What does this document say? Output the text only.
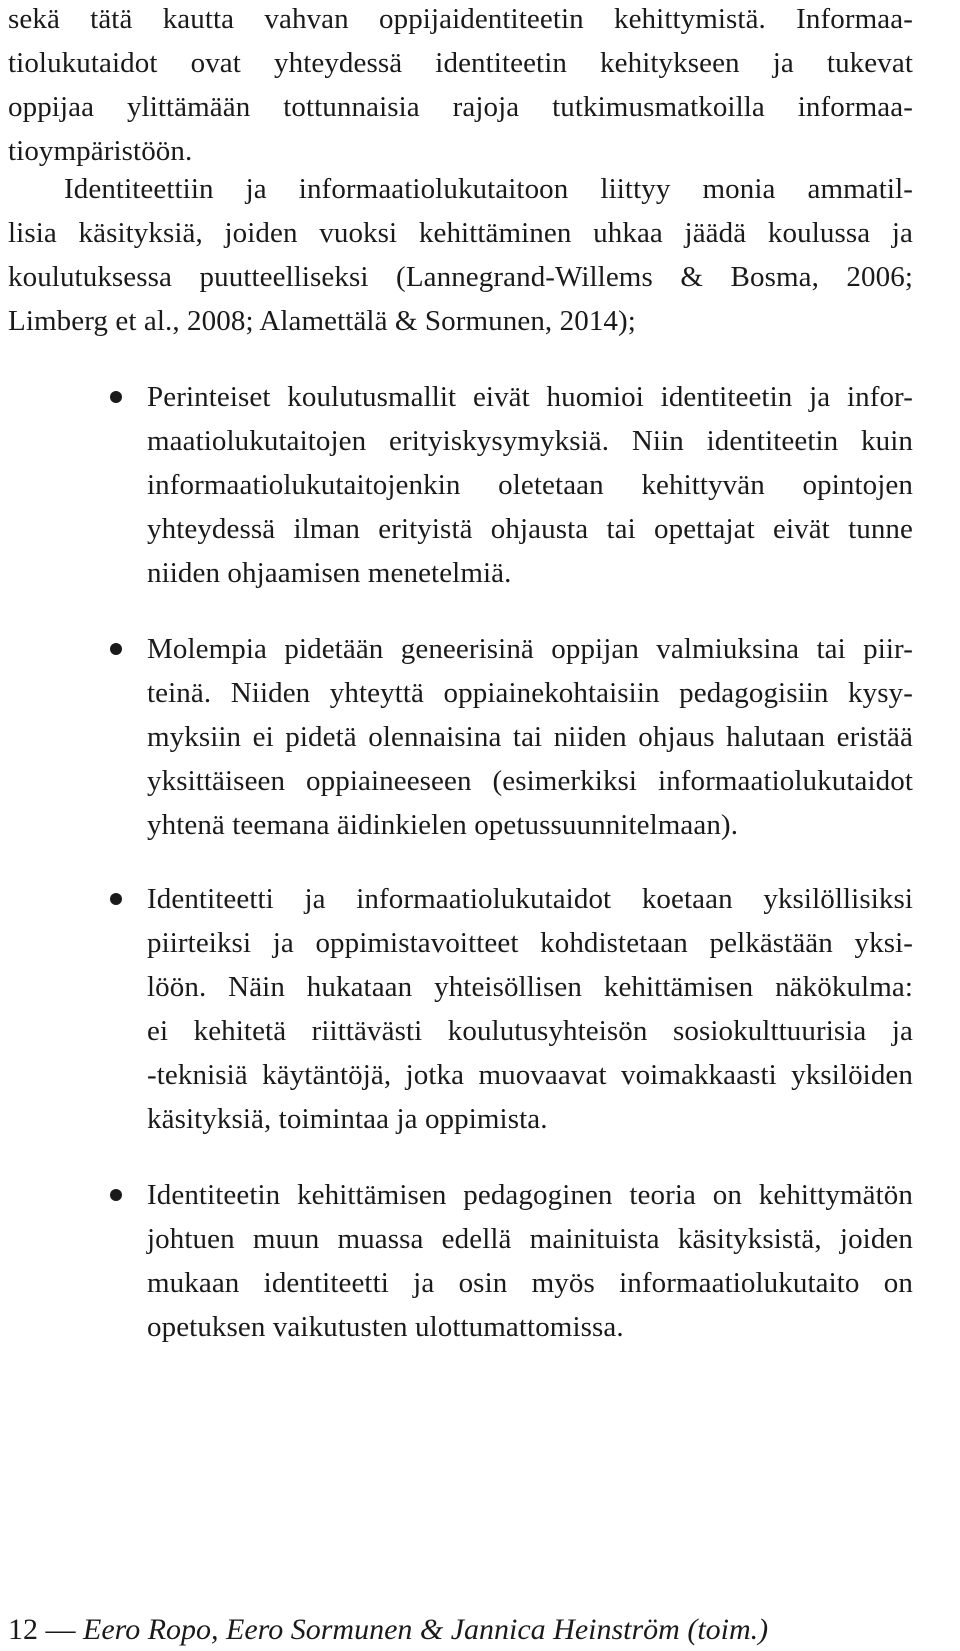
sekä tätä kautta vahvan oppijaidentiteetin kehittymistä. Informaa-
tiolukutaidot ovat yhteydessä identiteetin kehitykseen ja tukevat
oppijaa ylittämään tottunnaisia rajoja tutkimusmatkoilla informaa-
tioympäristöön.
Identiteettiin ja informaatiolukutaitoon liittyy monia ammatil-
lisia käsityksiä, joiden vuoksi kehittäminen uhkaa jäädä koulussa ja
koulutuksessa puutteelliseksi (Lannegrand-Willems & Bosma, 2006;
Limberg et al., 2008; Alamettälä & Sormunen, 2014);
Perinteiset koulutusmallit eivät huomioi identiteetin ja infor-
maatiolukutaitojen erityiskysymyksiä. Niin identiteetin kuin
informaatiolukutaitojenkin oletetaan kehittyvän opintojen
yhteydessä ilman erityistä ohjausta tai opettajat eivät tunne
niiden ohjaamisen menetelmiä.
Molempia pidetään geneerisinä oppijan valmiuksina tai piir-
teinä. Niiden yhteyttä oppiainekohtaisiin pedagogisiin kysy-
myksiin ei pidetä olennaisina tai niiden ohjaus halutaan eristää
yksittäiseen oppiaineeseen (esimerkiksi informaatiolukutaidot
yhtenä teemana äidinkielen opetussuunnitelmaan).
Identiteetti ja informaatiolukutaidot koetaan yksilöllisiksi
piirteiksi ja oppimistavoitteet kohdistetaan pelkästään yksi-
löön. Näin hukataan yhteisöllisen kehittämisen näkökulma:
ei kehitetä riittävästi koulutusyhteisön sosiokulttuurisia ja
-teknisiä käytäntöjä, jotka muovaavat voimakkaasti yksilöiden
käsityksiä, toimintaa ja oppimista.
Identiteetin kehittämisen pedagoginen teoria on kehittymätön
johtuen muun muassa edellä mainituista käsityksistä, joiden
mukaan identiteetti ja osin myös informaatiolukutaito on
opetuksen vaikutusten ulottumattomissa.
12 — Eero Ropo, Eero Sormunen & Jannica Heinström (toim.)
